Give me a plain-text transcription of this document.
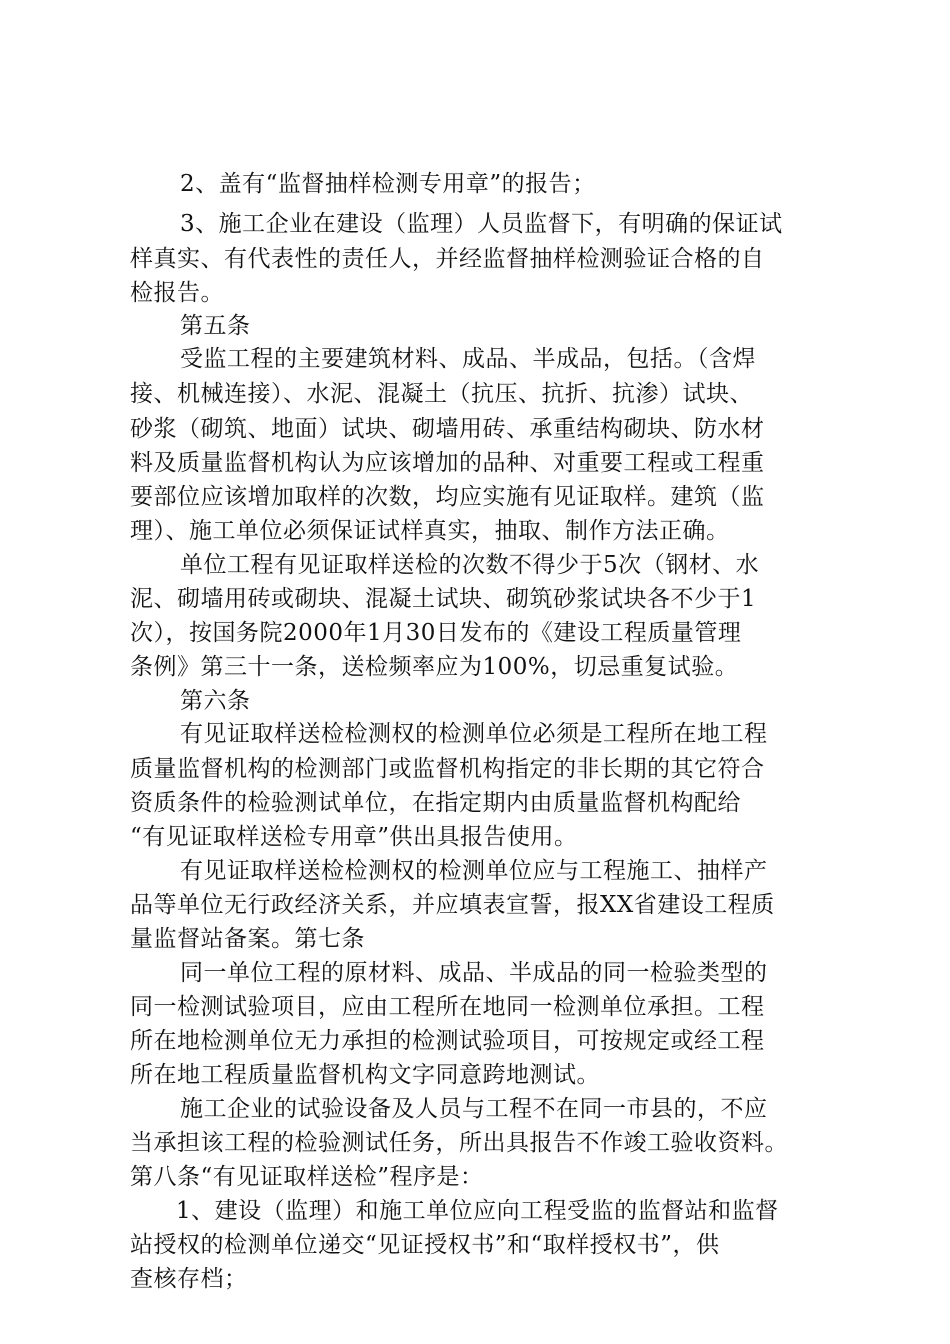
2、盖有“监督抽样检测专用章”的报告；
3、施工企业在建设（监理）人员监督下，有明确的保证试
样真实、有代表性的责任人，并经监督抽样检测验证合格的自
检报告。
第五条
受监工程的主要建筑材料、成品、半成品，包括。（含焊
接、机械连接）、水泥、混凝土（抗压、抗折、抗渗）试块、
砂浆（砌筑、地面）试块、砌墙用砖、承重结构砌块、防水材
料及质量监督机构认为应该增加的品种、对重要工程或工程重
要部位应该增加取样的次数，均应实施有见证取样。建筑（监
理）、施工单位必须保证试样真实，抽取、制作方法正确。
单位工程有见证取样送检的次数不得少于5次（钢材、水
泥、砌墙用砖或砌块、混凝土试块、砌筑砂浆试块各不少于1
次），按国务院2000年1月30日发布的《建设工程质量管理
条例》第三十一条，送检频率应为100%，切忌重复试验。
第六条
有见证取样送检检测权的检测单位必须是工程所在地工程
质量监督机构的检测部门或监督机构指定的非长期的其它符合
资质条件的检验测试单位，在指定期内由质量监督机构配给
“有见证取样送检专用章”供出具报告使用。
有见证取样送检检测权的检测单位应与工程施工、抽样产
品等单位无行政经济关系，并应填表宣誓，报XX省建设工程质
量监督站备案。第七条
同一单位工程的原材料、成品、半成品的同一检验类型的
同一检测试验项目，应由工程所在地同一检测单位承担。工程
所在地检测单位无力承担的检测试验项目，可按规定或经工程
所在地工程质量监督机构文字同意跨地测试。
施工企业的试验设备及人员与工程不在同一市县的，不应
当承担该工程的检验测试任务，所出具报告不作竣工验收资料。
第八条“有见证取样送检”程序是：
1、建设（监理）和施工单位应向工程受监的监督站和监督
站授权的检测单位递交“见证授权书”和“取样授权书”，供
查核存档；
